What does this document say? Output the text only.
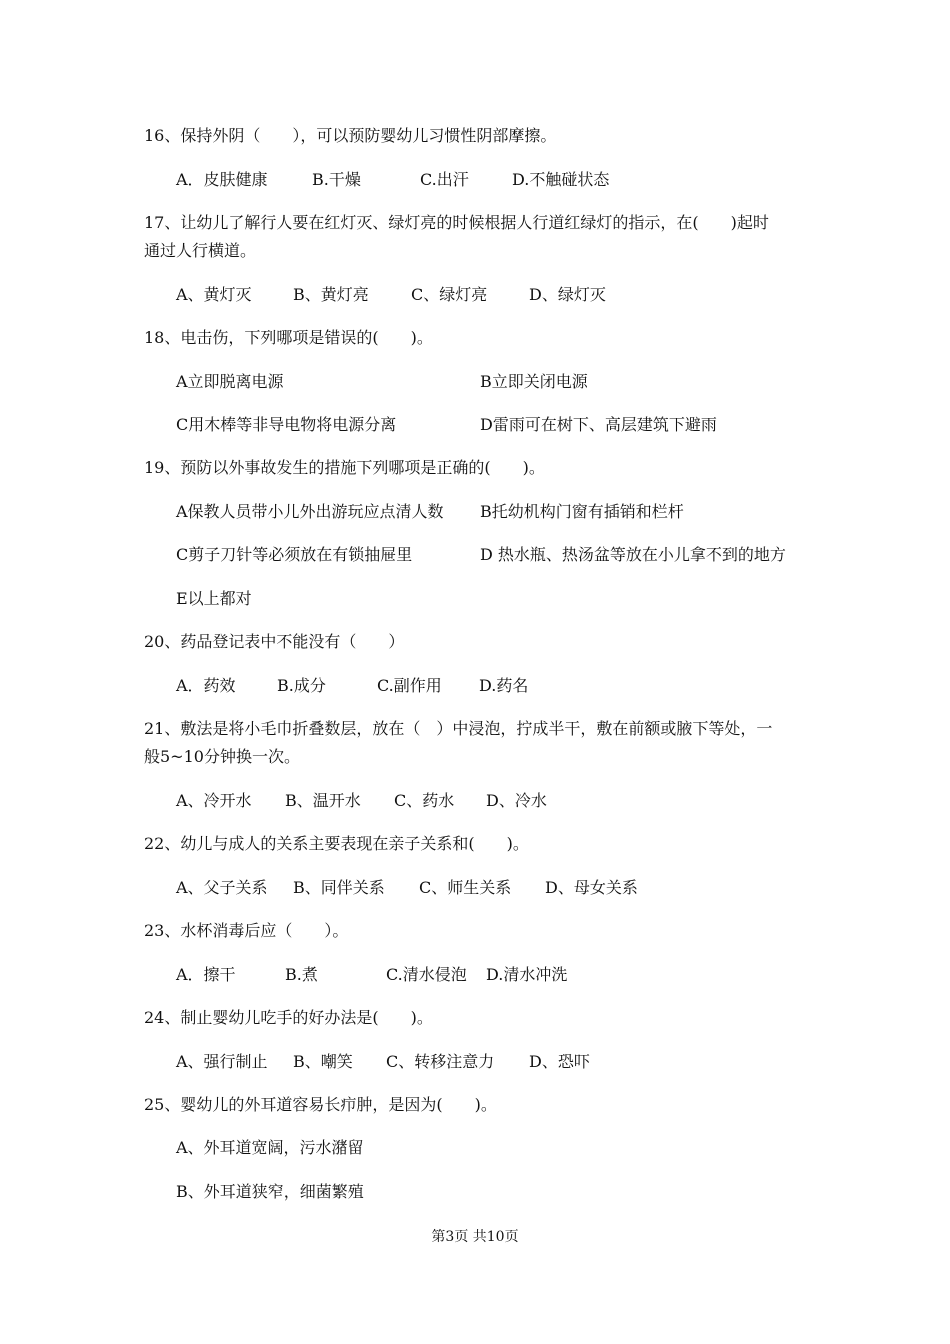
16、保持外阴（　　），可以预防婴幼儿习惯性阴部摩擦。
A．皮肤健康	B.干燥	C.出汗	D.不触碰状态
17、让幼儿了解行人要在红灯灭、绿灯亮的时候根据人行道红绿灯的指示，在(　　)起时
通过人行横道。
A、黄灯灭	B、黄灯亮	C、绿灯亮	D、绿灯灭
18、电击伤，下列哪项是错误的(　　)。
A立即脱离电源	B立即关闭电源
C用木棒等非导电物将电源分离	D雷雨可在树下、高层建筑下避雨
19、预防以外事故发生的措施下列哪项是正确的(　　)。
A保教人员带小儿外出游玩应点清人数 B托幼机构门窗有插销和栏杆
C剪子刀针等必须放在有锁抽屉里	D 热水瓶、热汤盆等放在小儿拿不到的地方
E以上都对
20、药品登记表中不能没有（　　）
A．药效	B.成分	C.副作用 D.药名
21、敷法是将小毛巾折叠数层，放在（　）中浸泡，拧成半干，敷在前额或腋下等处，一
般5~10分钟换一次。
A、冷开水 B、温开水 C、药水 D、冷水
22、幼儿与成人的关系主要表现在亲子关系和(　　)。
A、父子关系 B、同伴关系 C、师生关系 D、母女关系
23、水杯消毒后应（　　）。
A．擦干	B.煮	C.清水侵泡 D.清水冲洗
24、制止婴幼儿吃手的好办法是(　　)。
A、强行制止 B、嘲笑 C、转移注意力 D、恐吓
25、婴幼儿的外耳道容易长疖肿，是因为(　　)。
A、外耳道宽阔，污水潴留
B、外耳道狭窄，细菌繁殖
第3页 共10页
